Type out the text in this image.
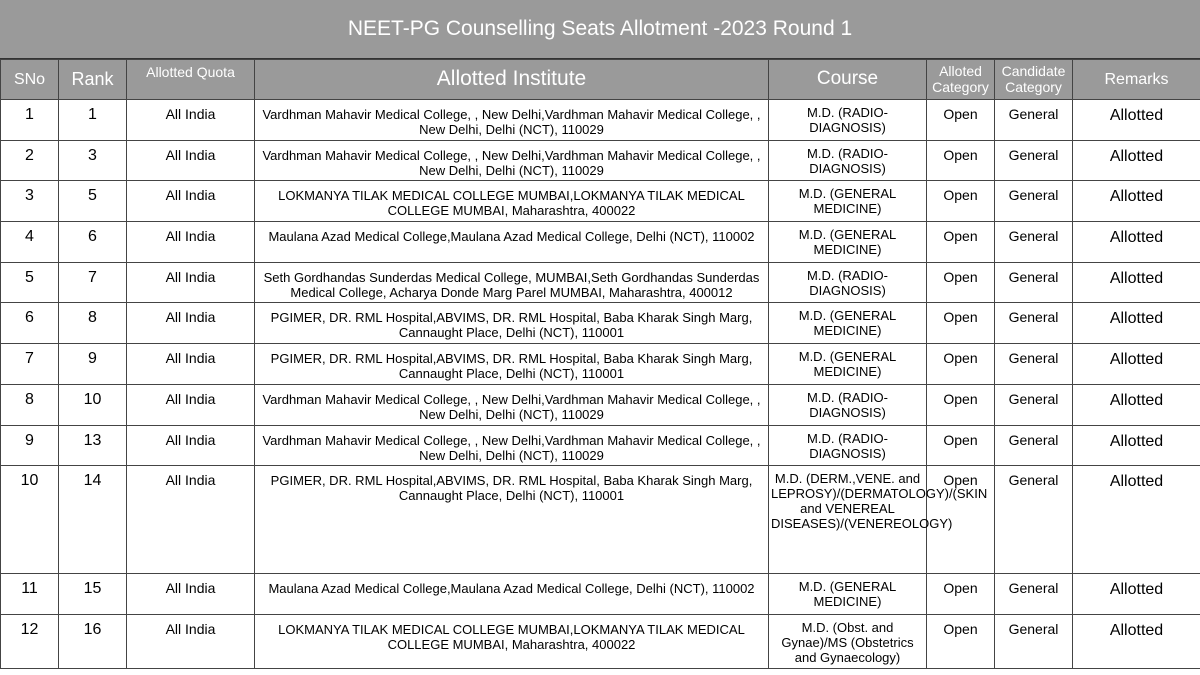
NEET-PG Counselling Seats Allotment -2023 Round 1
SNo	Rank	Allotted Quota	Allotted Institute	Course	Alloted Category	Candidate Category	Remarks
1	1	All India	Vardhman Mahavir Medical College, , New Delhi,Vardhman Mahavir Medical College, , New Delhi, Delhi (NCT), 110029	M.D. (RADIO-DIAGNOSIS)	Open	General	Allotted
2	3	All India	Vardhman Mahavir Medical College, , New Delhi,Vardhman Mahavir Medical College, , New Delhi, Delhi (NCT), 110029	M.D. (RADIO-DIAGNOSIS)	Open	General	Allotted
3	5	All India	LOKMANYA TILAK MEDICAL COLLEGE MUMBAI,LOKMANYA TILAK MEDICAL COLLEGE MUMBAI, Maharashtra, 400022	M.D. (GENERAL MEDICINE)	Open	General	Allotted
4	6	All India	Maulana Azad Medical College,Maulana Azad Medical College, Delhi (NCT), 110002	M.D. (GENERAL MEDICINE)	Open	General	Allotted
5	7	All India	Seth Gordhandas Sunderdas Medical College, MUMBAI,Seth Gordhandas Sunderdas Medical College, Acharya Donde Marg Parel MUMBAI, Maharashtra, 400012	M.D. (RADIO-DIAGNOSIS)	Open	General	Allotted
6	8	All India	PGIMER, DR. RML Hospital,ABVIMS, DR. RML Hospital, Baba Kharak Singh Marg, Cannaught Place, Delhi (NCT), 110001	M.D. (GENERAL MEDICINE)	Open	General	Allotted
7	9	All India	PGIMER, DR. RML Hospital,ABVIMS, DR. RML Hospital, Baba Kharak Singh Marg, Cannaught Place, Delhi (NCT), 110001	M.D. (GENERAL MEDICINE)	Open	General	Allotted
8	10	All India	Vardhman Mahavir Medical College, , New Delhi,Vardhman Mahavir Medical College, , New Delhi, Delhi (NCT), 110029	M.D. (RADIO-DIAGNOSIS)	Open	General	Allotted
9	13	All India	Vardhman Mahavir Medical College, , New Delhi,Vardhman Mahavir Medical College, , New Delhi, Delhi (NCT), 110029	M.D. (RADIO-DIAGNOSIS)	Open	General	Allotted
10	14	All India	PGIMER, DR. RML Hospital,ABVIMS, DR. RML Hospital, Baba Kharak Singh Marg, Cannaught Place, Delhi (NCT), 110001	M.D. (DERM.,VENE. and LEPROSY)/(DERMATOLOGY)/(SKIN and VENEREAL DISEASES)/(VENEREOLOGY)	Open	General	Allotted
11	15	All India	Maulana Azad Medical College,Maulana Azad Medical College, Delhi (NCT), 110002	M.D. (GENERAL MEDICINE)	Open	General	Allotted
12	16	All India	LOKMANYA TILAK MEDICAL COLLEGE MUMBAI,LOKMANYA TILAK MEDICAL COLLEGE MUMBAI, Maharashtra, 400022	M.D. (Obst. and Gynae)/MS (Obstetrics and Gynaecology)	Open	General	Allotted
